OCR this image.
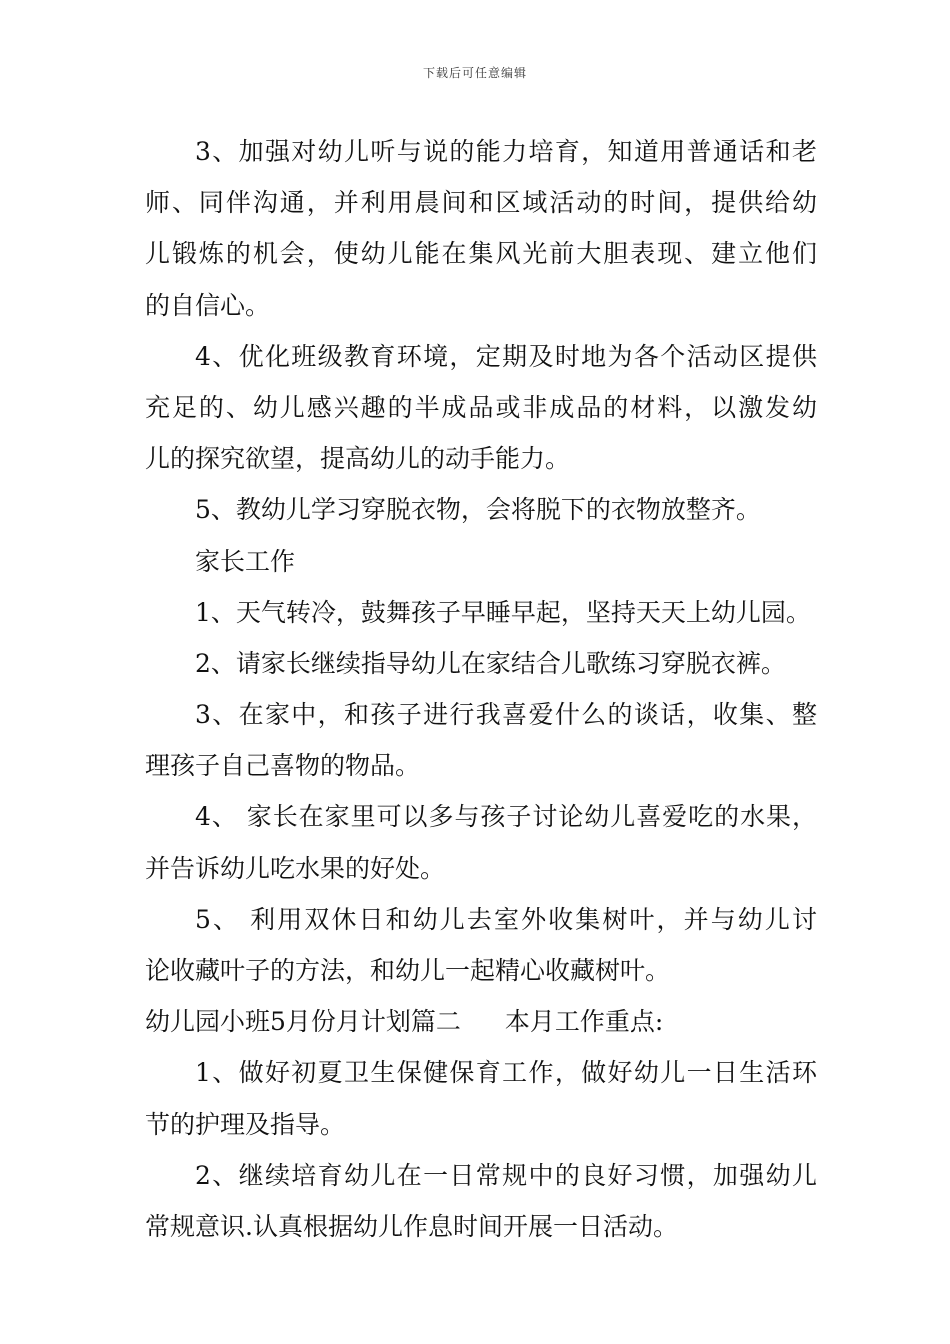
下载后可任意编辑
3、加强对幼儿听与说的能力培育，知道用普通话和老
师、同伴沟通，并利用晨间和区域活动的时间，提供给幼
儿锻炼的机会，使幼儿能在集风光前大胆表现、建立他们
的自信心。
4、优化班级教育环境，定期及时地为各个活动区提供
充足的、幼儿感兴趣的半成品或非成品的材料，以激发幼
儿的探究欲望，提高幼儿的动手能力。
5、教幼儿学习穿脱衣物，会将脱下的衣物放整齐。
家长工作
1、天气转冷，鼓舞孩子早睡早起，坚持天天上幼儿园。
2、请家长继续指导幼儿在家结合儿歌练习穿脱衣裤。
3、在家中，和孩子进行我喜爱什么的谈话，收集、整
理孩子自己喜物的物品。
4、 家长在家里可以多与孩子讨论幼儿喜爱吃的水果，
并告诉幼儿吃水果的好处。
5、 利用双休日和幼儿去室外收集树叶，并与幼儿讨
论收藏叶子的方法，和幼儿一起精心收藏树叶。
幼儿园小班5月份月计划篇二 本月工作重点:
1、做好初夏卫生保健保育工作，做好幼儿一日生活环
节的护理及指导。
2、继续培育幼儿在一日常规中的良好习惯，加强幼儿
常规意识.认真根据幼儿作息时间开展一日活动。
